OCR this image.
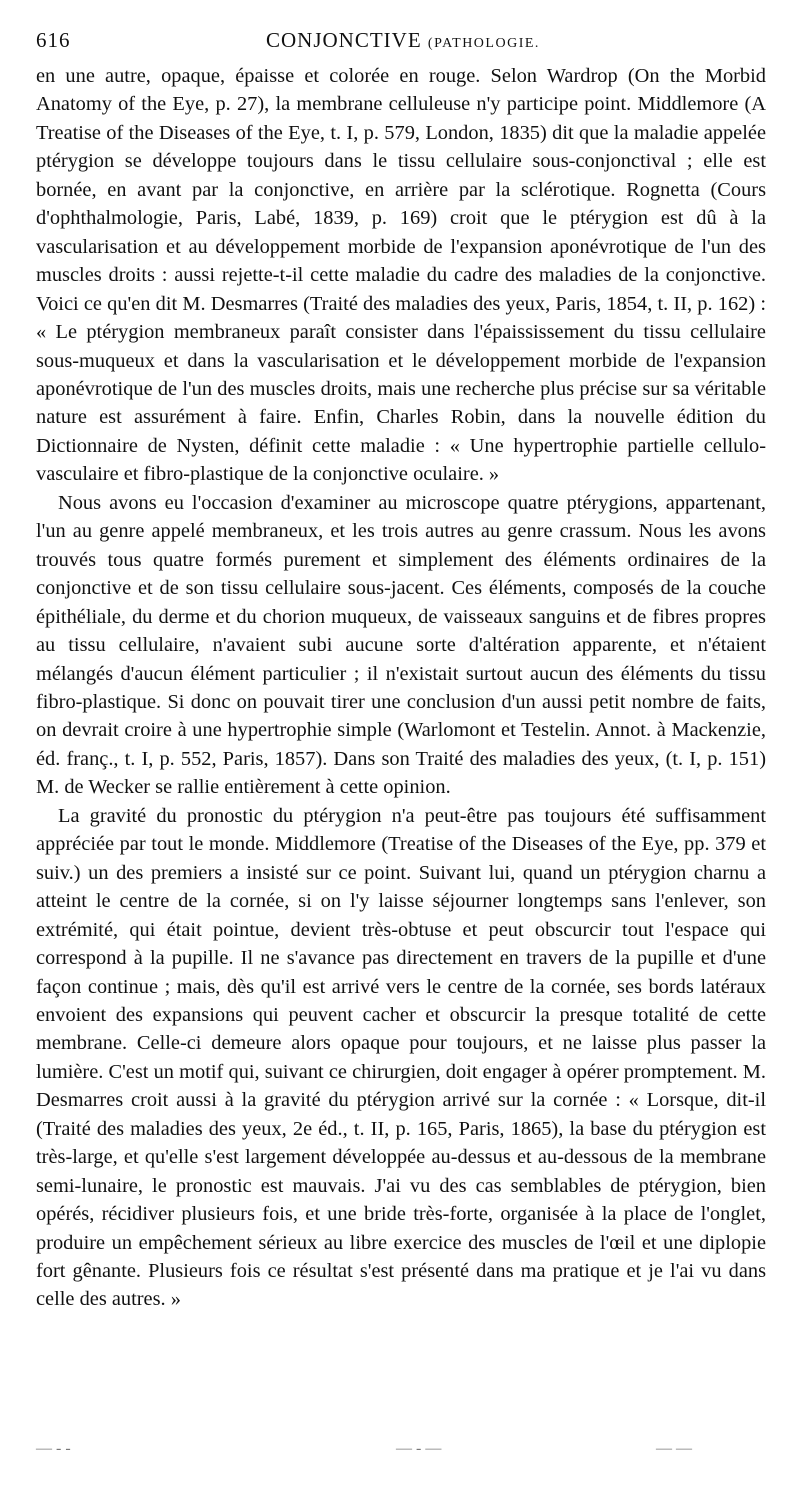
616	CONJONCTIVE (PATHOLOGIE.

en une autre, opaque, épaisse et colorée en rouge. Selon Wardrop (On the Morbid Anatomy of the Eye, p. 27), la membrane celluleuse n'y participe point. Middlemore (A Treatise of the Diseases of the Eye, t. I, p. 579, London, 1835) dit que la maladie appelée ptérygion se développe toujours dans le tissu cellulaire sous-conjonctival ; elle est bornée, en avant par la conjonctive, en arrière par la sclérotique. Rognetta (Cours d'ophthalmologie, Paris, Labé, 1839, p. 169) croit que le ptérygion est dû à la vascularisation et au développement morbide de l'expansion aponévrotique de l'un des muscles droits : aussi rejette-t-il cette maladie du cadre des maladies de la conjonctive. Voici ce qu'en dit M. Desmarres (Traité des maladies des yeux, Paris, 1854, t. II, p. 162) : « Le ptérygion membraneux paraît consister dans l'épaississement du tissu cellulaire sous-muqueux et dans la vascularisation et le développement morbide de l'expansion aponévrotique de l'un des muscles droits, mais une recherche plus précise sur sa véritable nature est assurément à faire. Enfin, Charles Robin, dans la nouvelle édition du Dictionnaire de Nysten, définit cette maladie : « Une hypertrophie partielle cellulo-vasculaire et fibro-plastique de la conjonctive oculaire. »

Nous avons eu l'occasion d'examiner au microscope quatre ptérygions, appartenant, l'un au genre appelé membraneux, et les trois autres au genre crassum. Nous les avons trouvés tous quatre formés purement et simplement des éléments ordinaires de la conjonctive et de son tissu cellulaire sous-jacent. Ces éléments, composés de la couche épithéliale, du derme et du chorion muqueux, de vaisseaux sanguins et de fibres propres au tissu cellulaire, n'avaient subi aucune sorte d'altération apparente, et n'étaient mélangés d'aucun élément particulier ; il n'existait surtout aucun des éléments du tissu fibro-plastique. Si donc on pouvait tirer une conclusion d'un aussi petit nombre de faits, on devrait croire à une hypertrophie simple (Warlomont et Testelin. Annot. à Mackenzie, éd. franç., t. I, p. 552, Paris, 1857). Dans son Traité des maladies des yeux, (t. I, p. 151) M. de Wecker se rallie entièrement à cette opinion.

La gravité du pronostic du ptérygion n'a peut-être pas toujours été suffisamment appréciée par tout le monde. Middlemore (Treatise of the Diseases of the Eye, pp. 379 et suiv.) un des premiers a insisté sur ce point. Suivant lui, quand un ptérygion charnu a atteint le centre de la cornée, si on l'y laisse séjourner longtemps sans l'enlever, son extrémité, qui était pointue, devient très-obtuse et peut obscurcir tout l'espace qui correspond à la pupille. Il ne s'avance pas directement en travers de la pupille et d'une façon continue ; mais, dès qu'il est arrivé vers le centre de la cornée, ses bords latéraux envoient des expansions qui peuvent cacher et obscurcir la presque totalité de cette membrane. Celle-ci demeure alors opaque pour toujours, et ne laisse plus passer la lumière. C'est un motif qui, suivant ce chirurgien, doit engager à opérer promptement. M. Desmarres croit aussi à la gravité du ptérygion arrivé sur la cornée : « Lorsque, dit-il (Traité des maladies des yeux, 2e éd., t. II, p. 165, Paris, 1865), la base du ptérygion est très-large, et qu'elle s'est largement développée au-dessus et au-dessous de la membrane semi-lunaire, le pronostic est mauvais. J'ai vu des cas semblables de ptérygion, bien opérés, récidiver plusieurs fois, et une bride très-forte, organisée à la place de l'onglet, produire un empêchement sérieux au libre exercice des muscles de l'œil et une diplopie fort gênante. Plusieurs fois ce résultat s'est présenté dans ma pratique et je l'ai vu dans celle des autres. »

— - -	— - —	— —
